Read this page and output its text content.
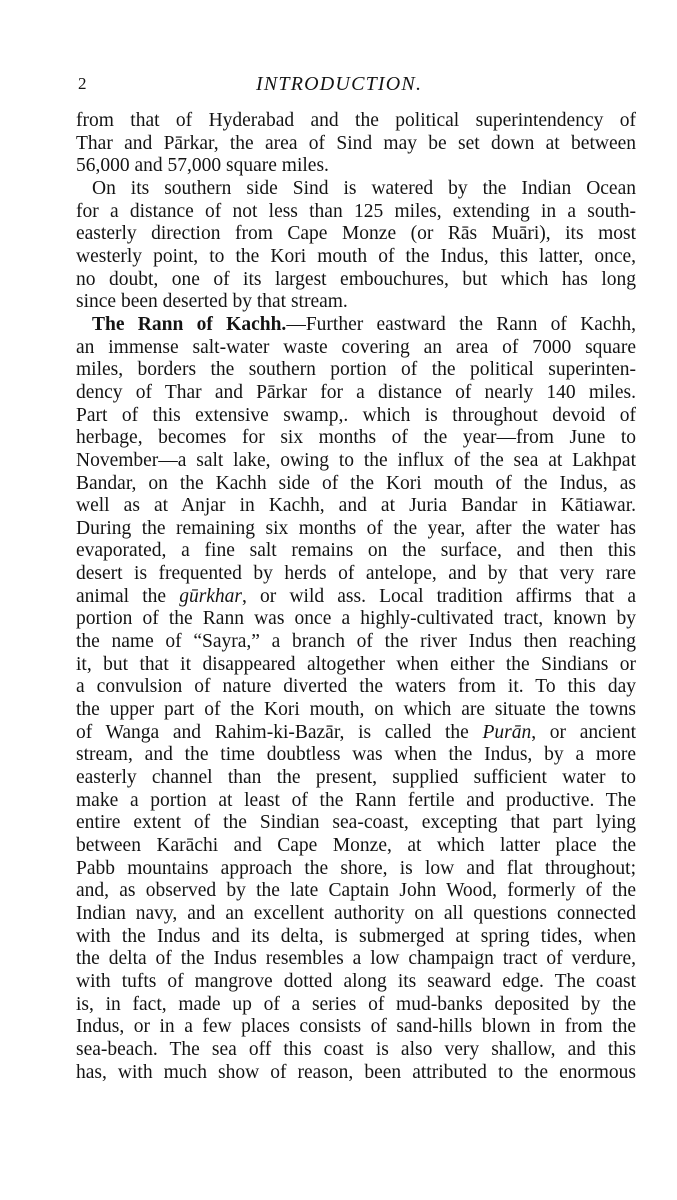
2	INTRODUCTION.
from that of Hyderabad and the political superintendency of
Thar and Pārkar, the area of Sind may be set down at between
56,000 and 57,000 square miles.
On its southern side Sind is watered by the Indian Ocean
for a distance of not less than 125 miles, extending in a south-
easterly direction from Cape Monze (or Rās Muāri), its most
westerly point, to the Kori mouth of the Indus, this latter, once,
no doubt, one of its largest embouchures, but which has long
since been deserted by that stream.
The Rann of Kachh.—Further eastward the Rann of Kachh,
an immense salt-water waste covering an area of 7000 square
miles, borders the southern portion of the political superinten-
dency of Thar and Pārkar for a distance of nearly 140 miles.
Part of this extensive swamp,. which is throughout devoid of
herbage, becomes for six months of the year—from June to
November—a salt lake, owing to the influx of the sea at Lakhpat
Bandar, on the Kachh side of the Kori mouth of the Indus, as
well as at Anjar in Kachh, and at Juria Bandar in Kātiawar.
During the remaining six months of the year, after the water has
evaporated, a fine salt remains on the surface, and then this
desert is frequented by herds of antelope, and by that very rare
animal the gūrkhar, or wild ass. Local tradition affirms that a
portion of the Rann was once a highly-cultivated tract, known by
the name of “Sayra,” a branch of the river Indus then reaching
it, but that it disappeared altogether when either the Sindians or
a convulsion of nature diverted the waters from it. To this day
the upper part of the Kori mouth, on which are situate the towns
of Wanga and Rahim-ki-Bazār, is called the Purān, or ancient
stream, and the time doubtless was when the Indus, by a more
easterly channel than the present, supplied sufficient water to
make a portion at least of the Rann fertile and productive. The
entire extent of the Sindian sea-coast, excepting that part lying
between Karāchi and Cape Monze, at which latter place the
Pabb mountains approach the shore, is low and flat throughout;
and, as observed by the late Captain John Wood, formerly of the
Indian navy, and an excellent authority on all questions connected
with the Indus and its delta, is submerged at spring tides, when
the delta of the Indus resembles a low champaign tract of verdure,
with tufts of mangrove dotted along its seaward edge. The coast
is, in fact, made up of a series of mud-banks deposited by the
Indus, or in a few places consists of sand-hills blown in from the
sea-beach. The sea off this coast is also very shallow, and this
has, with much show of reason, been attributed to the enormous
